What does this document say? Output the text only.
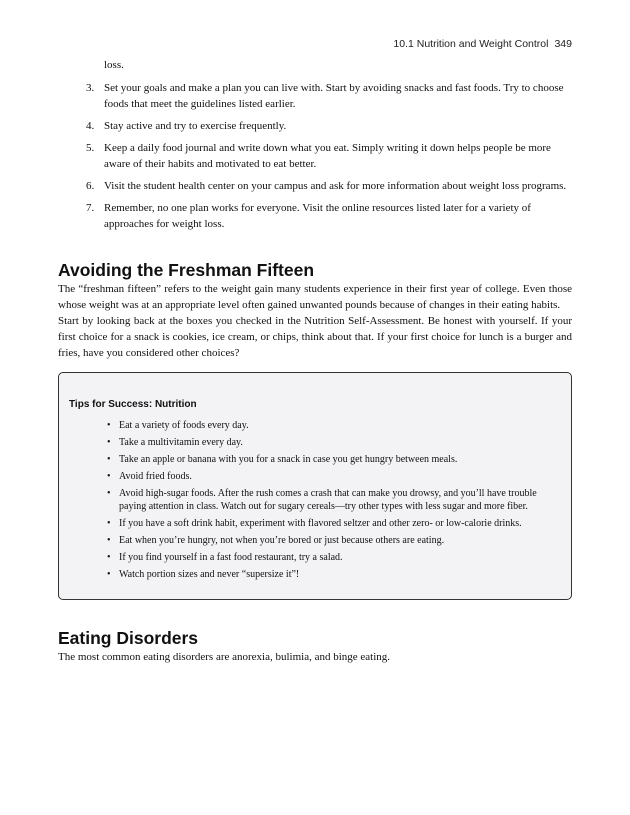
10.1 Nutrition and Weight Control 349
loss.
3. Set your goals and make a plan you can live with. Start by avoiding snacks and fast foods. Try to choose foods that meet the guidelines listed earlier.
4. Stay active and try to exercise frequently.
5. Keep a daily food journal and write down what you eat. Simply writing it down helps people be more aware of their habits and motivated to eat better.
6. Visit the student health center on your campus and ask for more information about weight loss programs.
7. Remember, no one plan works for everyone. Visit the online resources listed later for a variety of approaches for weight loss.
Avoiding the Freshman Fifteen

The “freshman fifteen” refers to the weight gain many students experience in their first year of college. Even those whose weight was at an appropriate level often gained unwanted pounds because of changes in their eating habits.

Start by looking back at the boxes you checked in the Nutrition Self-Assessment. Be honest with yourself. If your first choice for a snack is cookies, ice cream, or chips, think about that. If your first choice for lunch is a burger and fries, have you considered other choices?

Tips for Success: Nutrition
• Eat a variety of foods every day.
• Take a multivitamin every day.
• Take an apple or banana with you for a snack in case you get hungry between meals.
• Avoid fried foods.
• Avoid high-sugar foods. After the rush comes a crash that can make you drowsy, and you’ll have trouble paying attention in class. Watch out for sugary cereals—try other types with less sugar and more fiber.
• If you have a soft drink habit, experiment with flavored seltzer and other zero- or low-calorie drinks.
• Eat when you’re hungry, not when you’re bored or just because others are eating.
• If you find yourself in a fast food restaurant, try a salad.
• Watch portion sizes and never “supersize it”!
Eating Disorders

The most common eating disorders are anorexia, bulimia, and binge eating.
